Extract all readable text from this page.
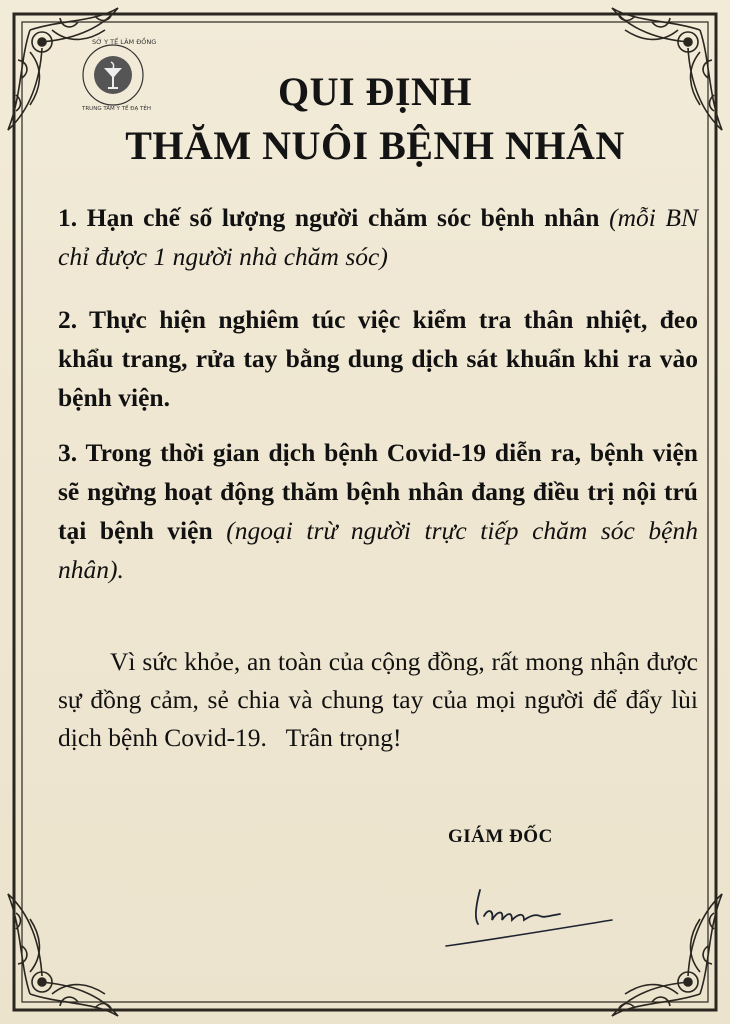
SỞ Y TẾ LÂM ĐỒNG
TRUNG TÂM Y TẾ ĐẠ TẺH	QUI ĐỊNH
THĂM NUÔI BỆNH NHÂN
1. Hạn chế số lượng người chăm sóc bệnh nhân (mỗi BN chỉ được 1 người nhà chăm sóc)
2. Thực hiện nghiêm túc việc kiểm tra thân nhiệt, đeo khẩu trang, rửa tay bằng dung dịch sát khuẩn khi ra vào bệnh viện.
3. Trong thời gian dịch bệnh Covid-19 diễn ra, bệnh viện sẽ ngừng hoạt động thăm bệnh nhân đang điều trị nội trú tại bệnh viện (ngoại trừ người trực tiếp chăm sóc bệnh nhân).
Vì sức khỏe, an toàn của cộng đồng, rất mong nhận được sự đồng cảm, sẻ chia và chung tay của mọi người để đẩy lùi dịch bệnh Covid-19.   Trân trọng!
GIÁM ĐỐC
